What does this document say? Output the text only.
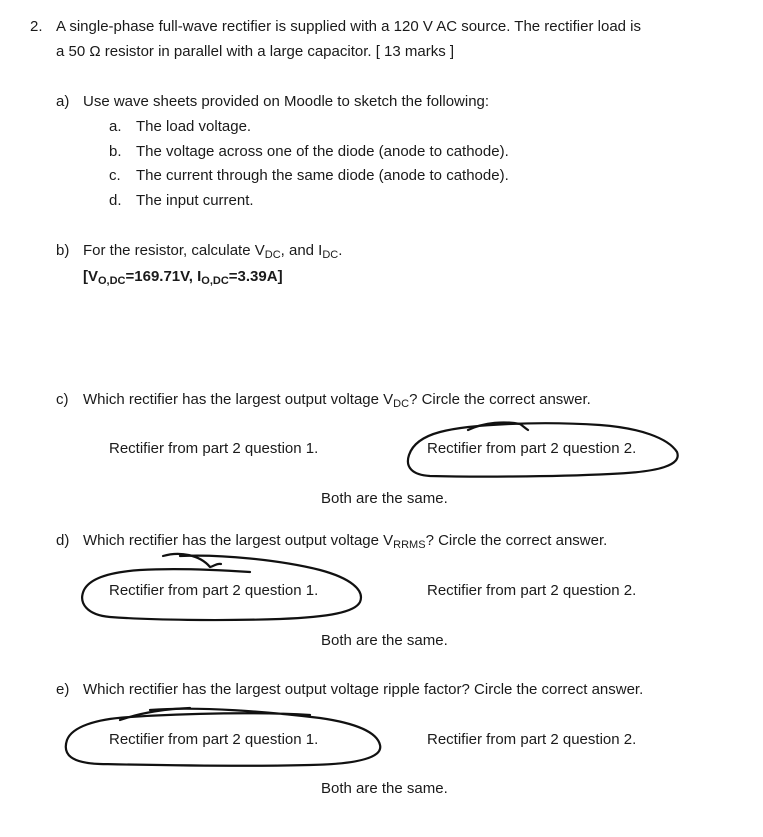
2. A single-phase full-wave rectifier is supplied with a 120 V AC source. The rectifier load is
a 50 Ω resistor in parallel with a large capacitor. [ 13 marks ]
a) Use wave sheets provided on Moodle to sketch the following:
a. The load voltage.
b. The voltage across one of the diode (anode to cathode).
c. The current through the same diode (anode to cathode).
d. The input current.
b) For the resistor, calculate $V_{DC}$, and $I_{DC}$.
[$V_{O,DC}=169.71V$, $I_{O,DC}=3.39A$]
c) Which rectifier has the largest output voltage $V_{DC}$? Circle the correct answer.
Rectifier from part 2 question 1.	Rectifier from part 2 question 2.
Both are the same.
d) Which rectifier has the largest output voltage $V_{RRMS}$? Circle the correct answer.
Rectifier from part 2 question 1.	Rectifier from part 2 question 2.
Both are the same.
e) Which rectifier has the largest output voltage ripple factor? Circle the correct answer.
Rectifier from part 2 question 1.	Rectifier from part 2 question 2.
Both are the same.
